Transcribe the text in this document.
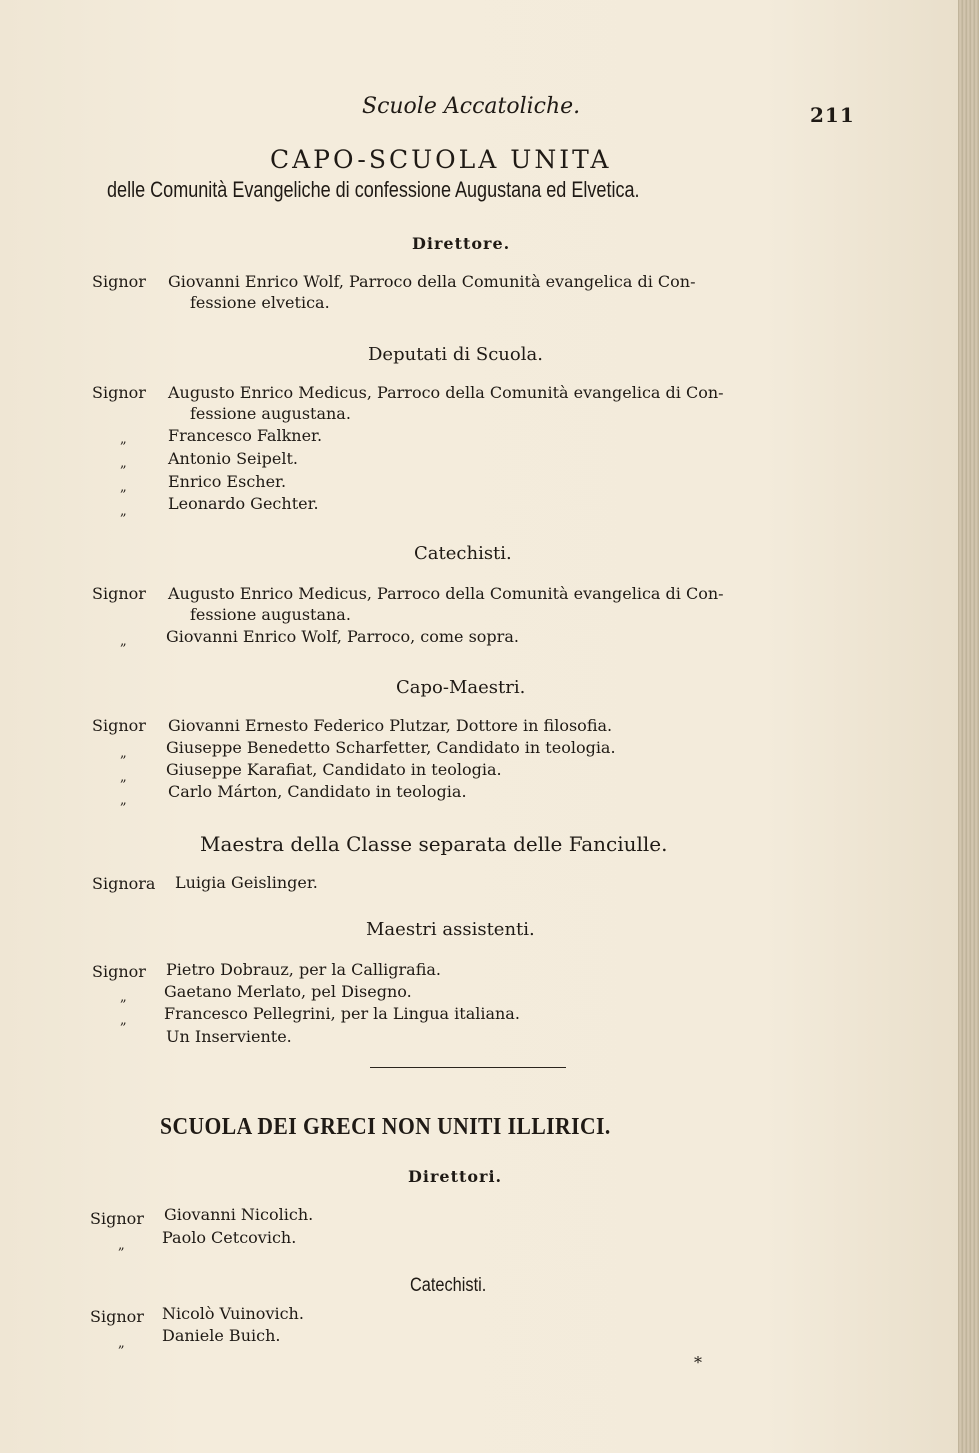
Scuole Accatoliche.	211
CAPO-SCUOLA UNITA
delle Comunità Evangeliche di confessione Augustana ed Elvetica.
Direttore.
Signor Giovanni Enrico Wolf, Parroco della Comunità evangelica di Con-
fessione elvetica.
Deputati di Scuola.
Signor Augusto Enrico Medicus, Parroco della Comunità evangelica di Con-
fessione augustana.
„	Francesco Falkner.
„	Antonio Seipelt.
„	Enrico Escher.
„	Leonardo Gechter.
Catechisti.
Signor Augusto Enrico Medicus, Parroco della Comunità evangelica di Con-
fessione augustana.
„ Giovanni Enrico Wolf, Parroco, come sopra.
Capo-Maestri.
Signor Giovanni Ernesto Federico Plutzar, Dottore in filosofia.
„ Giuseppe Benedetto Scharfetter, Candidato in teologia.
„ Giuseppe Karafiat, Candidato in teologia.
„	Carlo Márton, Candidato in teologia.
Maestra della Classe separata delle Fanciulle.
Signora Luigia Geislinger.
Maestri assistenti.
Signor Pietro Dobrauz, per la Calligrafia.
„ Gaetano Merlato, pel Disegno.
„ Francesco Pellegrini, per la Lingua italiana.
Un Inserviente.
SCUOLA DEI GRECI NON UNITI ILLIRICI.
Direttori.
Signor Giovanni Nicolich.
„ Paolo Cetcovich.
Catechisti.
Signor Nicolò Vuinovich.
„ Daniele Buich.
*
